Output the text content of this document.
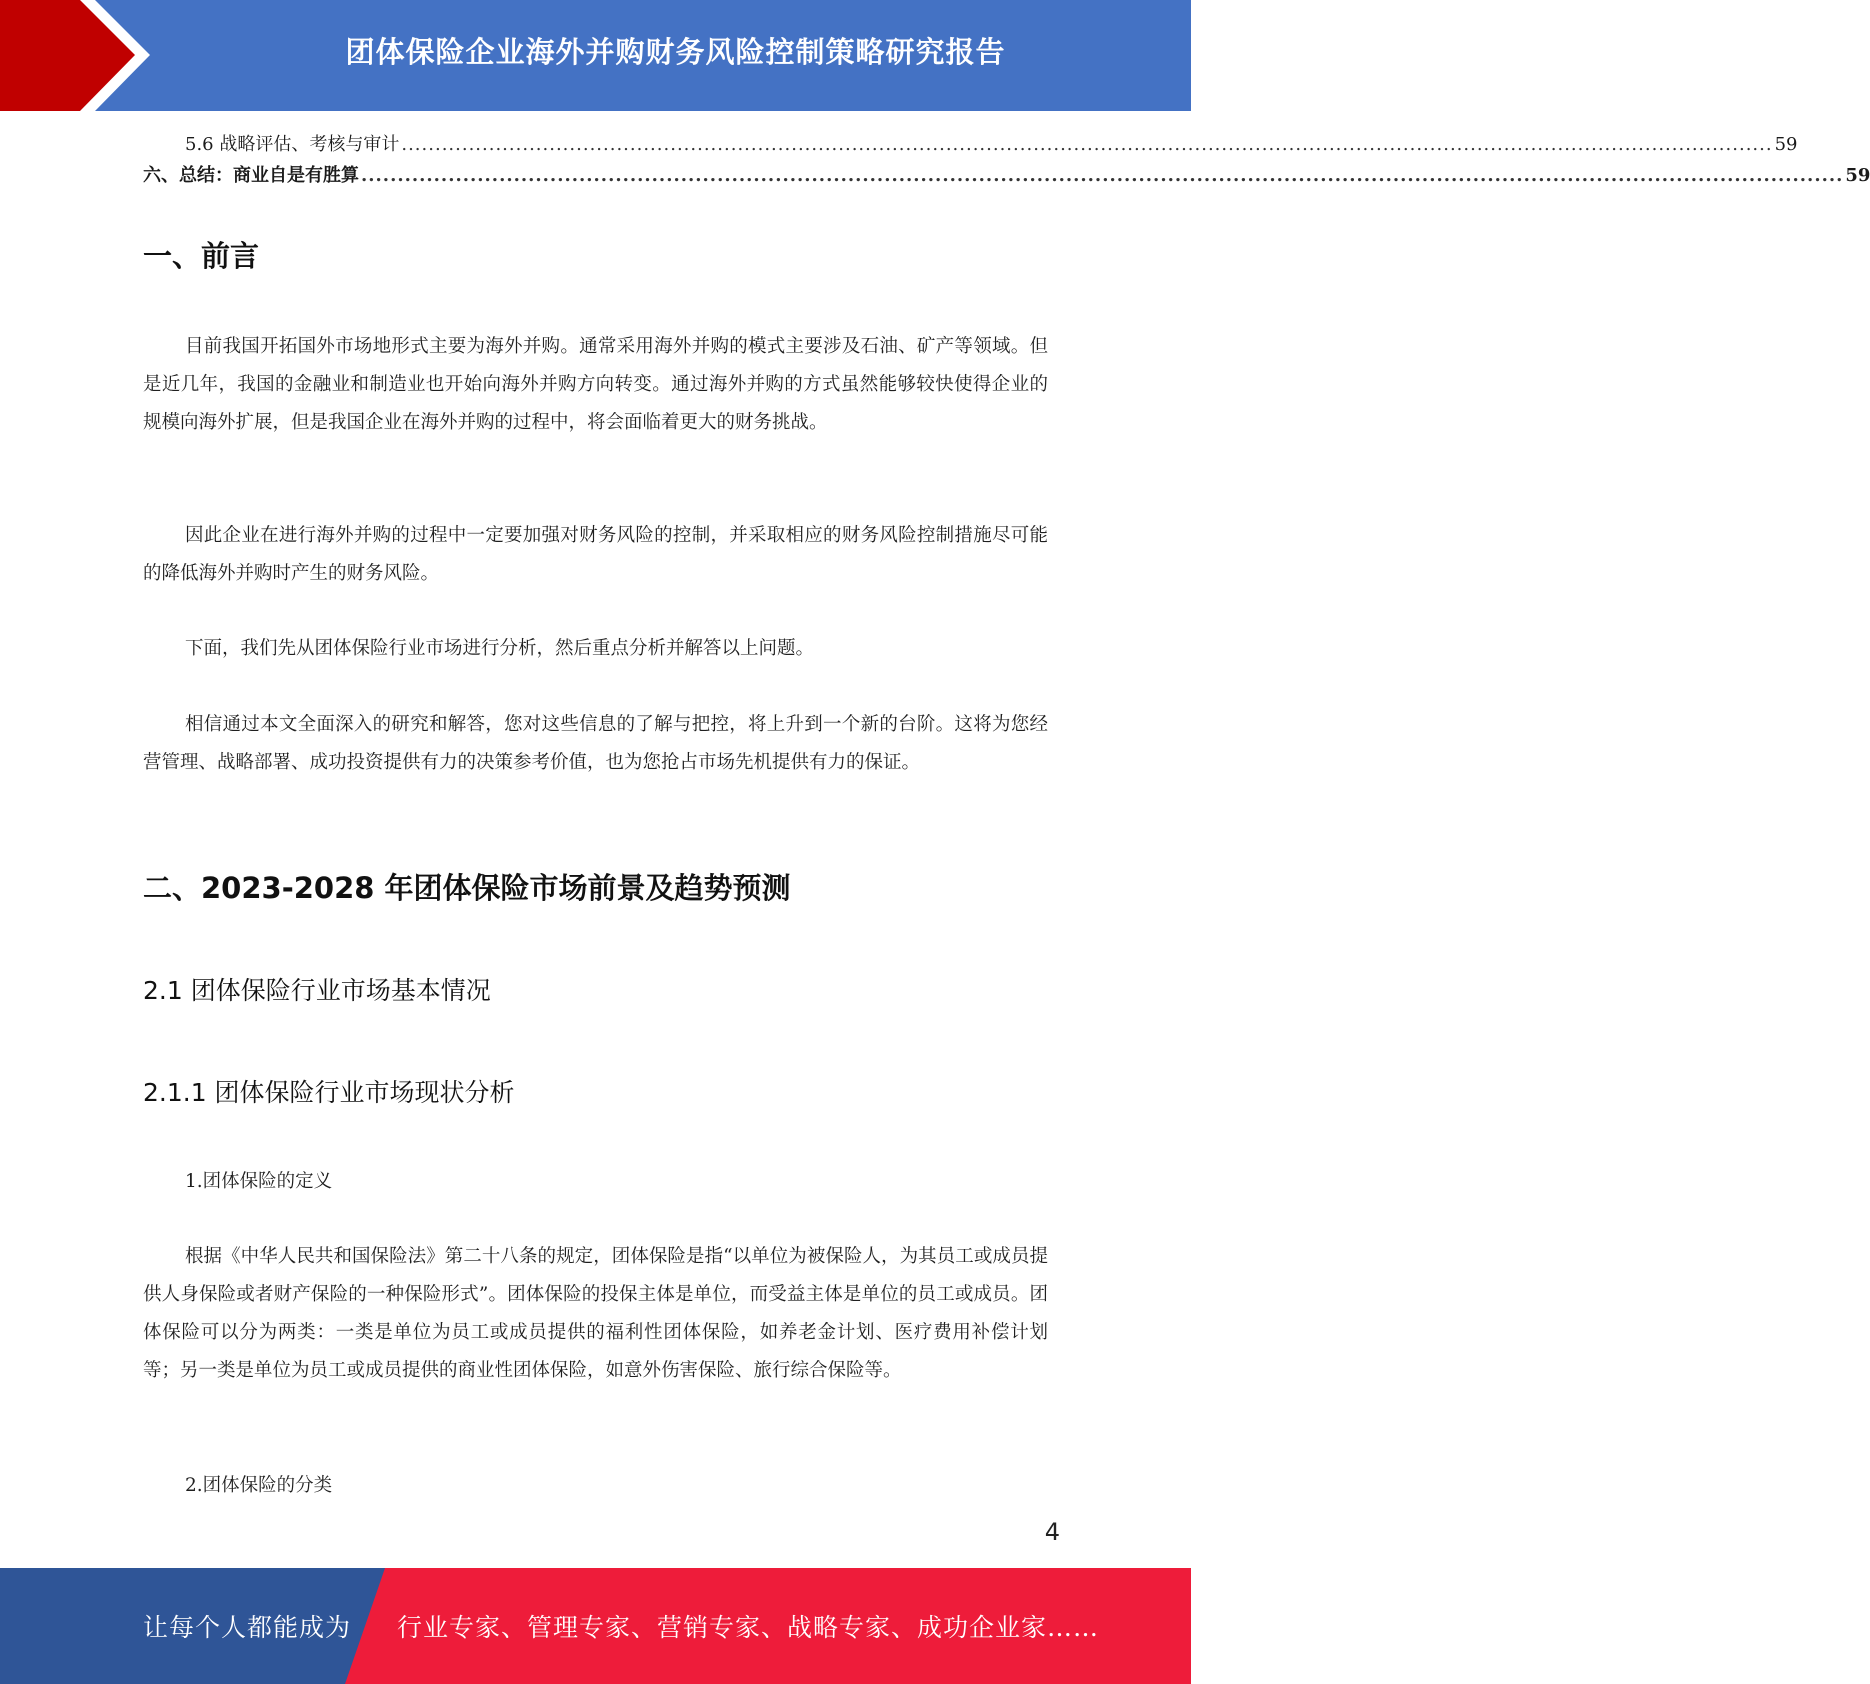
团体保险企业海外并购财务风险控制策略研究报告
5.6 战略评估、考核与审计 ............................................................................................................................................................................................................ 59
六、总结：商业自是有胜算 ............................................................................................................................................................................................................ 59
一、前言

目前我国开拓国外市场地形式主要为海外并购。通常采用海外并购的模式主要涉及石油、矿产等领域。但是近几年，我国的金融业和制造业也开始向海外并购方向转变。通过海外并购的方式虽然能够较快使得企业的规模向海外扩展，但是我国企业在海外并购的过程中，将会面临着更大的财务挑战。

因此企业在进行海外并购的过程中一定要加强对财务风险的控制，并采取相应的财务风险控制措施尽可能的降低海外并购时产生的财务风险。

下面，我们先从团体保险行业市场进行分析，然后重点分析并解答以上问题。

相信通过本文全面深入的研究和解答，您对这些信息的了解与把控，将上升到一个新的台阶。这将为您经营管理、战略部署、成功投资提供有力的决策参考价值，也为您抢占市场先机提供有力的保证。

二、2023-2028 年团体保险市场前景及趋势预测
2.1 团体保险行业市场基本情况
2.1.1 团体保险行业市场现状分析

1.团体保险的定义

根据《中华人民共和国保险法》第二十八条的规定，团体保险是指“以单位为被保险人，为其员工或成员提供人身保险或者财产保险的一种保险形式”。团体保险的投保主体是单位，而受益主体是单位的员工或成员。团体保险可以分为两类：一类是单位为员工或成员提供的福利性团体保险，如养老金计划、医疗费用补偿计划等；另一类是单位为员工或成员提供的商业性团体保险，如意外伤害保险、旅行综合保险等。

2.团体保险的分类

4
让每个人都能成为 行业专家、管理专家、营销专家、战略专家、成功企业家……
